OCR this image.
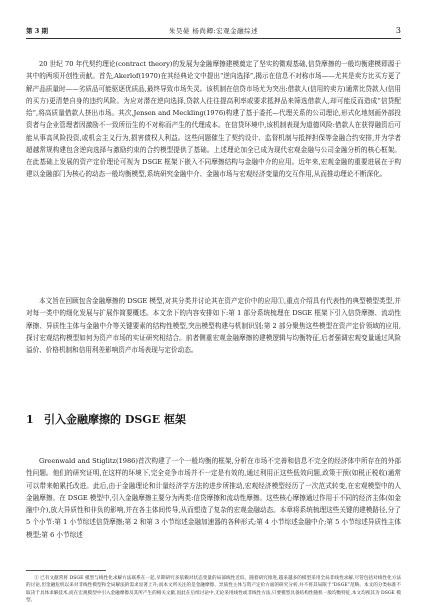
第 3 期	朱昊晏 杨尚卿:宏观金融综述	3

20 世纪 70 年代契约理论(contract theory)的发展为金融摩擦建模奠定了坚实的微观基础,信贷摩擦的一般均衡建模即源于其中的两项开创性贡献。首先,Akerlof(1970)在其经典论文中提出“逆向选择”,揭示在信息不对称市场——尤其是卖方比买方更了解产品质量时——劣质品可能驱逐优质品,最终导致市场失灵。该机制在信贷市场尤为突出:借款人(信用的卖方)通常比贷款人(信用的买方)更清楚自身的违约风险。为应对潜在逆向选择,贷款人往往提高利率或要求抵押品来筛选借款人,却可能反而造成“信贷配给”,将高质量借款人挤出市场。其次,Jensen and Meckling(1976)构建了基于委托—代理关系的公司理论,形式化地刻画外部投资者与企业管理者因激励不一致所衍生的不对称而产生的代理成本。在信贷环境中,该机制表现为道德风险:借款人在获得融资后可能从事高风险投资,或机会主义行为,损害债权人利益。这些问题催生了契约设计、监督机制与抵押担保等金融合约安排,并为学者超越常规构建包含逆向选择与激励约束的合约模型提供了基础。上述理论加全已成为现代宏观金融与公司金融分析的核心框架。在此基础上发展的资产定价理论可视为 DSGE 框架下嵌入不同摩擦结构与金融中介的应用。近年来,宏观金融的重要进展在于构建以金融部门为核心的动态一般均衡模型,系统研究金融中介、金融市场与宏观经济变量的交互作用,从而推动理论不断深化。

本文旨在回顾包含金融摩擦的 DSGE 模型,对其分类并讨论其在资产定价中的应用①,重点介绍具有代表性的典型模型类型,并对每一类中的细化发展与扩展作简要概述。本文余下的内容安排如下:第 1 部分系统梳理在 DSGE 框架下引入信贷摩擦、流动性摩擦、异质性主体与金融中介等关键要素的结构性模型,突出模型构建与机制识别;第 2 部分聚焦这些模型在资产定价领域的应用,探讨宏观结构模型如何为资产市场的实证研究相结合。前者侧重宏观金融摩擦的建模逻辑与均衡特征,后者强调宏观变量通过风险溢价、价格机制和信用利差影响资产市场表现与定价动态。

1 引入金融摩擦的 DSGE 框架

Greenwald and Stiglitz(1986)首次构建了一个一般均衡的框架,分析在市场不完善和信息不完全的经济体中所存在的外部性问题。他们的研究证明,在这样的环境下,完全竞争市场并不一定是有效的,通过利用正这些低效问题,政策干预(如税正税收)通常可以带来帕累托改进。此后,由于金融理论和计量经济学方法的进步所推动,宏观经济模型经历了一次范式转变,在宏观模型中的人金融摩擦。在 DSGE 模型中,引入金融摩擦主要分为两类:信贷摩擦和流动性摩擦。这些核心摩擦通过作用于不同的经济主体(如金融中介),放大异质性和非负的影响,并在各主体间传导,从而塑造了复杂的宏观金融动态。本章将系统梳理这些关键的建模路径,分了 5 个小节:第 1 小节综述信贷摩擦;第 2 和第 3 小节综述金融加速器的各种形式;第 4 小节综述金融中介;第 5 小节综述异质性主体模型;第 6 小节综述

① 已有文献常将 DSGE 模型与线性化求解方法联系在一起,早期研究多依赖对状态变量的局部线性近似。随着研究推进,越来越多的模型采用全局非线性求解,尽管包括对线性化方法的讨论,但金融危机以来对非线性模型和全局解法的需求显著上升;而本文所关注的是金融摩擦、异质性主体与资产定价方面的研究分析,并不将其局限于“DSGE”范畴。本文的分类标准不取决于具体求解技术,而在宏观模型中引入金融摩擦及其所产生的相关文献,因此在后续讨论中,无论采用线性或非线性方法,只要模型具备结构性随机一般均衡特征,本文均视其为 DSGE 模型。
